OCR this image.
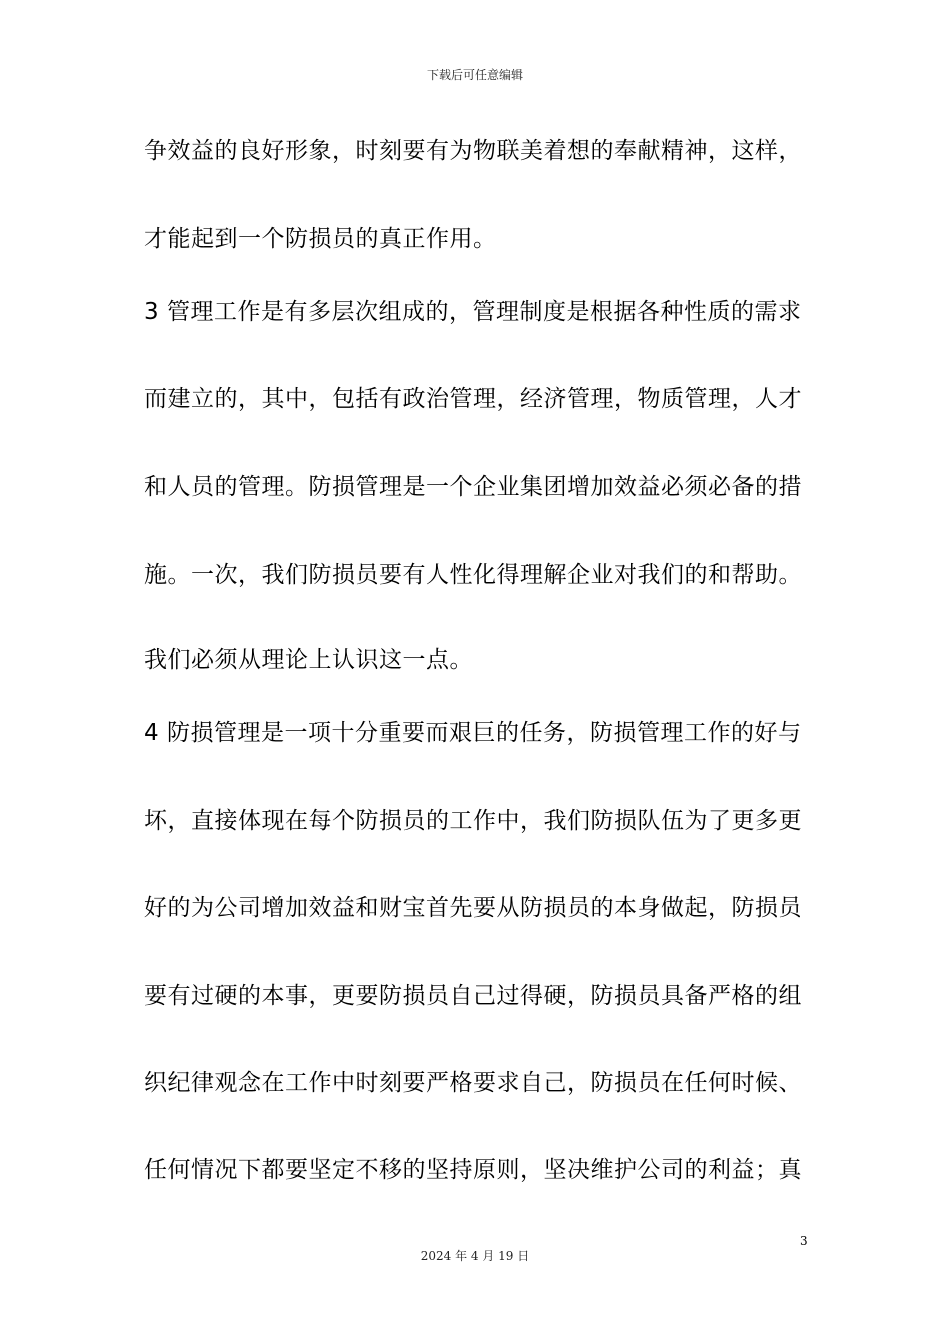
下载后可任意编辑
争效益的良好形象，时刻要有为物联美着想的奉献精神，这样，
才能起到一个防损员的真正作用。
3 管理工作是有多层次组成的，管理制度是根据各种性质的需求
而建立的，其中，包括有政治管理，经济管理，物质管理，人才
和人员的管理。防损管理是一个企业集团增加效益必须必备的措
施。一次，我们防损员要有人性化得理解企业对我们的和帮助。
我们必须从理论上认识这一点。
4 防损管理是一项十分重要而艰巨的任务，防损管理工作的好与
坏，直接体现在每个防损员的工作中，我们防损队伍为了更多更
好的为公司增加效益和财宝首先要从防损员的本身做起，防损员
要有过硬的本事，更要防损员自己过得硬，防损员具备严格的组
织纪律观念在工作中时刻要严格要求自己，防损员在任何时候、
任何情况下都要坚定不移的坚持原则，坚决维护公司的利益；真
3
2024 年 4 月 19 日
